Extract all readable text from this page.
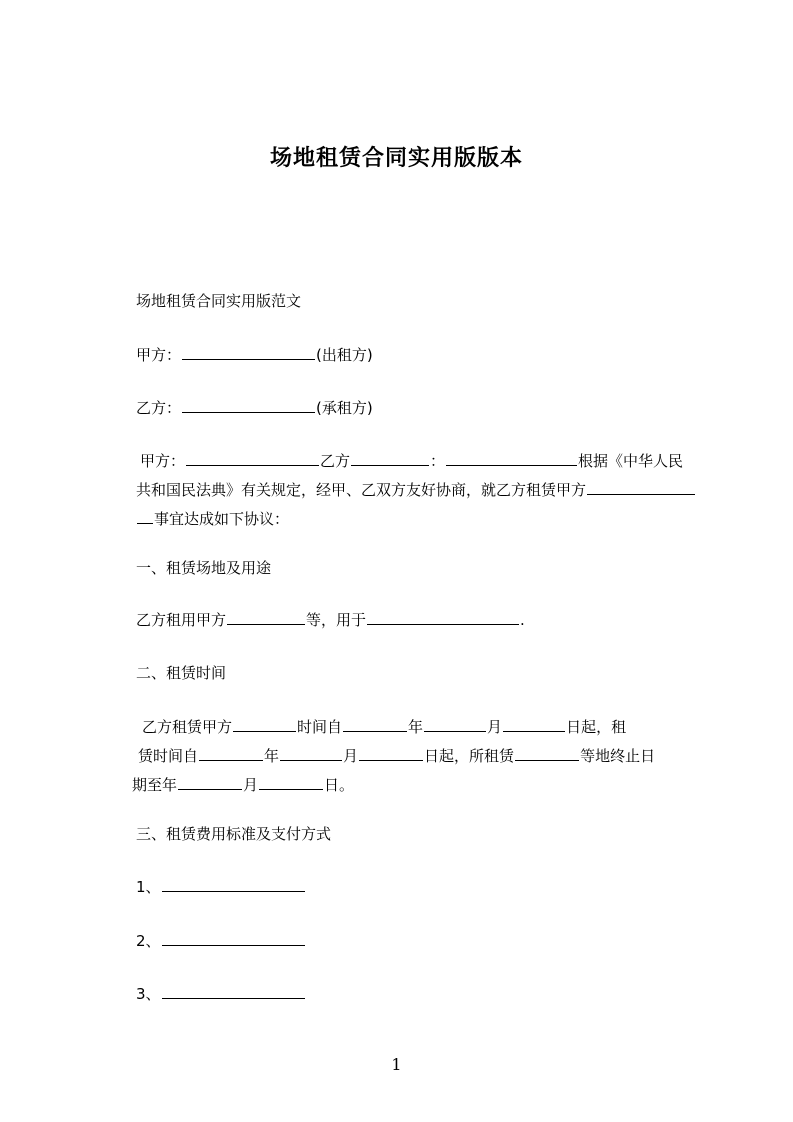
场地租赁合同实用版版本
场地租赁合同实用版范文
甲方：	(出租方)
乙方：	(承租方)
甲方：	乙方	：	根据《中华人民
共和国民法典》有关规定，经甲、乙双方友好协商，就乙方租赁甲方
事宜达成如下协议：
一、租赁场地及用途
乙方租用甲方	等，用于	.
二、租赁时间
乙方租赁甲方	时间自	年	月	日起，租
赁时间自	年	月	日起，所租赁	等地终止日
期至年	月	日。
三、租赁费用标准及支付方式
1、
2、
3、
1
